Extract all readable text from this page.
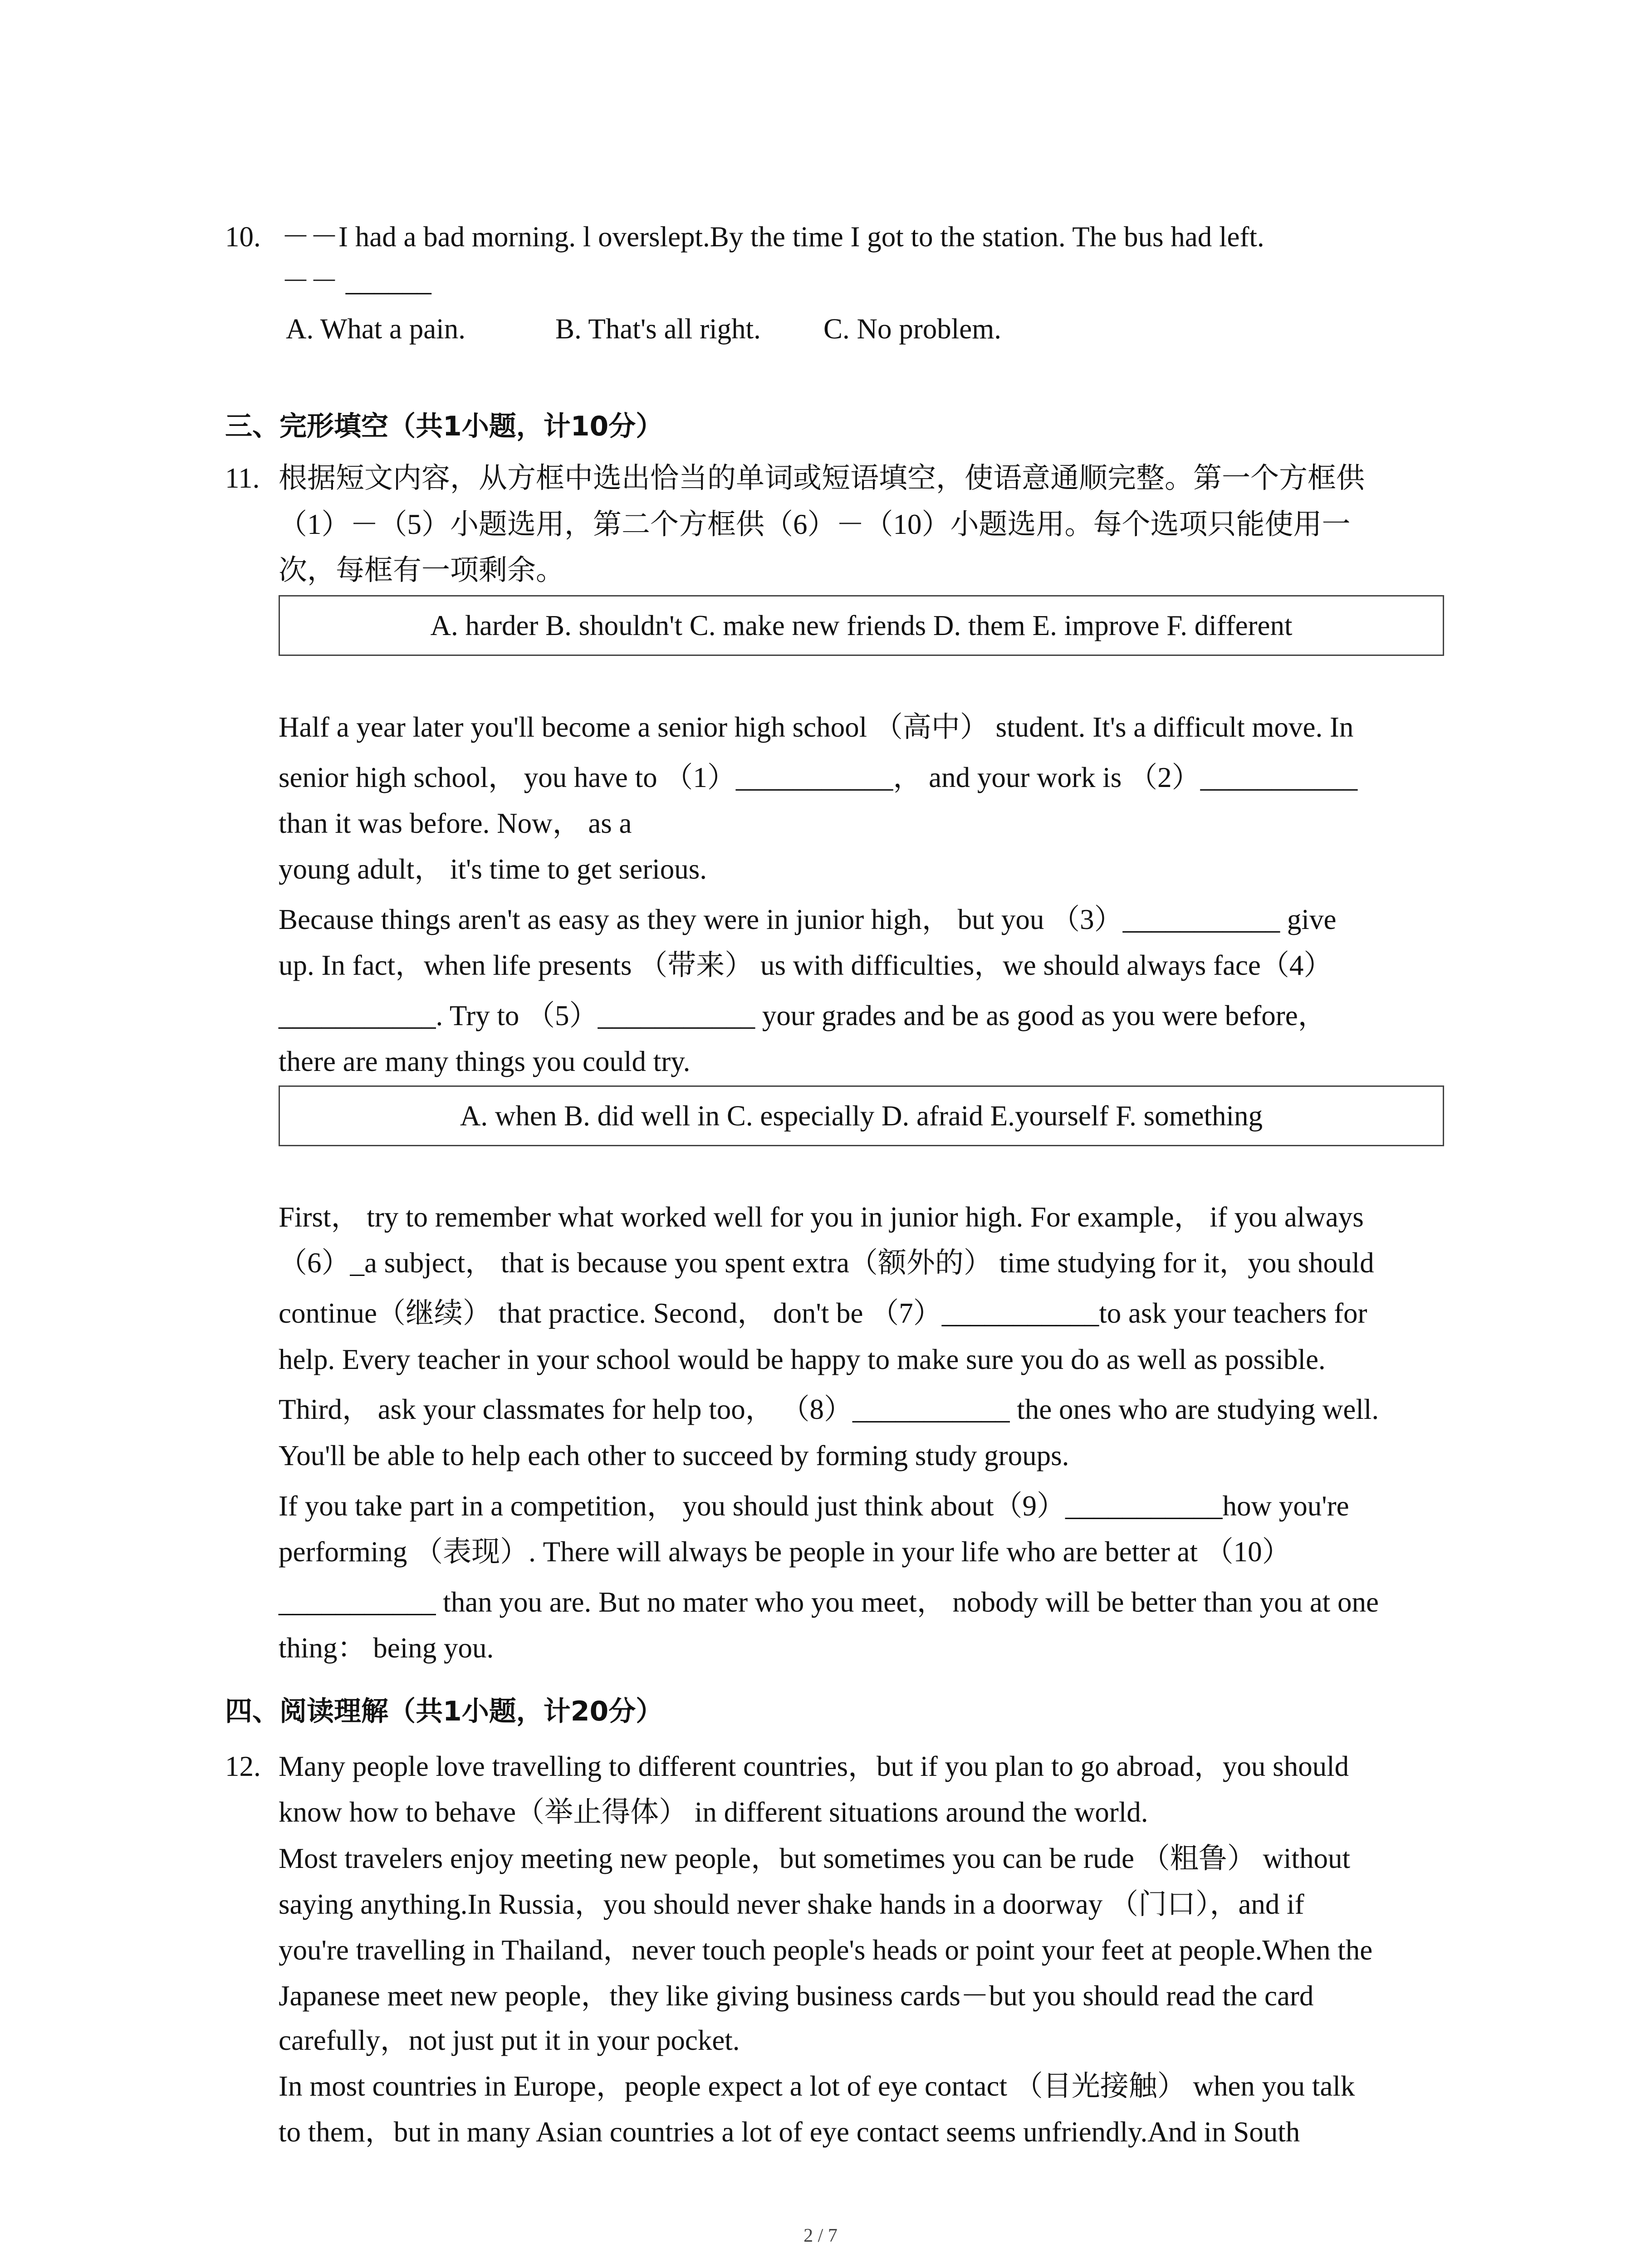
10. －－I had a bad morning. l overslept.By the time I got to the station. The bus had left.
－－ ______
A. What a pain.	B. That's all right. C. No problem.
三、完形填空（共1小题，计10分）
11. 根据短文内容，从方框中选出恰当的单词或短语填空，使语意通顺完整。第一个方框供
（1）－（5）小题选用，第二个方框供（6）－（10）小题选用。每个选项只能使用一
次，每框有一项剩余。
A. harder B. shouldn't C. make new friends D. them E. improve F. different
Half a year later you'll become a senior high school （高中） student. It's a difficult move. In
senior high school， you have to （1）___________， and your work is （2）___________
than it was before. Now， as a
young adult， it's time to get serious.
Because things aren't as easy as they were in junior high， but you （3）___________ give
up. In fact，when life presents （带来） us with difficulties，we should always face（4）
___________. Try to （5）___________ your grades and be as good as you were before，
there are many things you could try.
A. when B. did well in C. especially D. afraid E.yourself F. something
First， try to remember what worked well for you in junior high. For example， if you always
（6）_a subject， that is because you spent extra（额外的） time studying for it，you should
continue（继续） that practice. Second， don't be （7）___________to ask your teachers for
help. Every teacher in your school would be happy to make sure you do as well as possible.
Third， ask your classmates for help too， （8）___________ the ones who are studying well.
You'll be able to help each other to succeed by forming study groups.
If you take part in a competition， you should just think about（9）___________how you're
performing （表现）. There will always be people in your life who are better at （10）
___________ than you are. But no mater who you meet， nobody will be better than you at one
thing： being you.
四、阅读理解（共1小题，计20分）
12. Many people love travelling to different countries，but if you plan to go abroad，you should
know how to behave（举止得体） in different situations around the world.
Most travelers enjoy meeting new people，but sometimes you can be rude （粗鲁） without
saying anything.In Russia，you should never shake hands in a doorway （门口），and if
you're travelling in Thailand，never touch people's heads or point your feet at people.When the
Japanese meet new people，they like giving business cards－but you should read the card
carefully，not just put it in your pocket.
In most countries in Europe，people expect a lot of eye contact （目光接触） when you talk
to them，but in many Asian countries a lot of eye contact seems unfriendly.And in South
2 / 7
